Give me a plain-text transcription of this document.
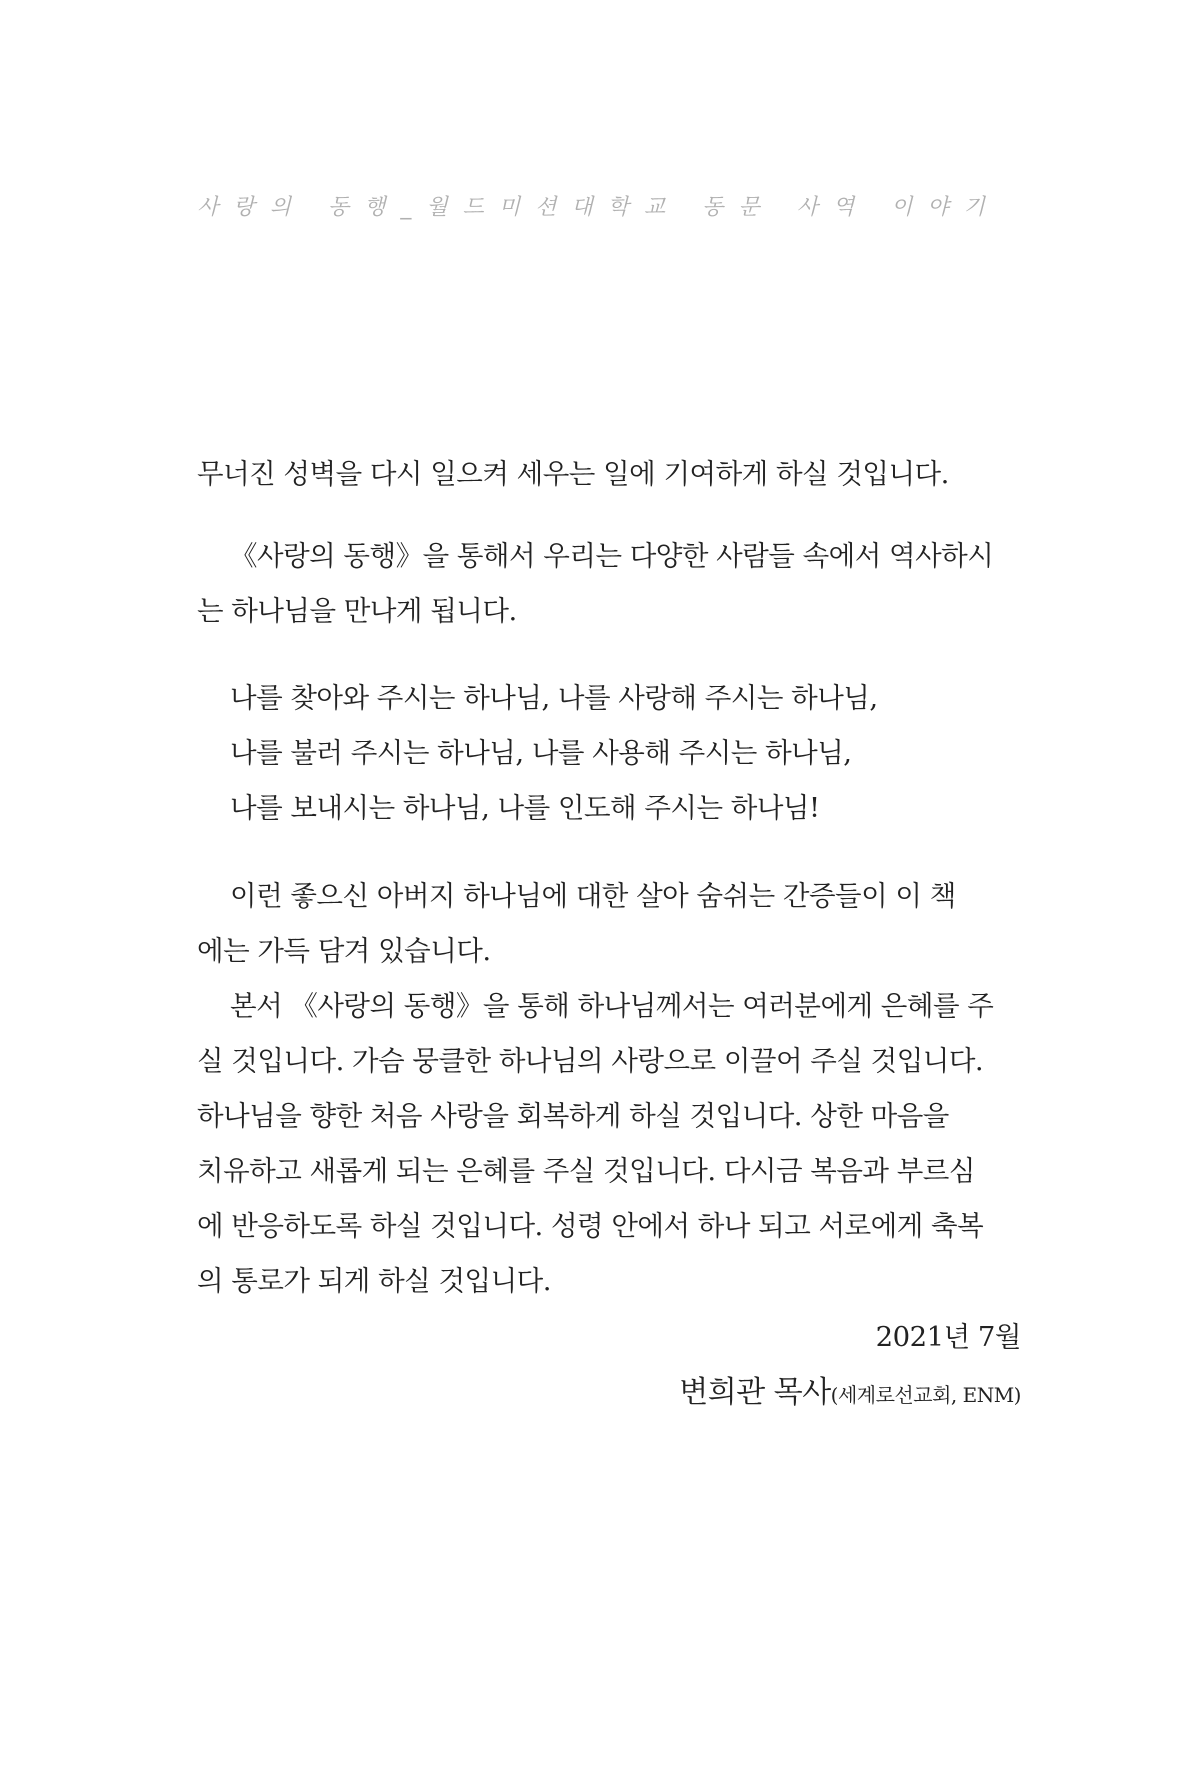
사랑의 동행_월드미션대학교 동문 사역 이야기
무너진 성벽을 다시 일으켜 세우는 일에 기여하게 하실 것입니다.
《사랑의 동행》을 통해서 우리는 다양한 사람들 속에서 역사하시
는 하나님을 만나게 됩니다.
나를 찾아와 주시는 하나님, 나를 사랑해 주시는 하나님,
나를 불러 주시는 하나님, 나를 사용해 주시는 하나님,
나를 보내시는 하나님, 나를 인도해 주시는 하나님!
이런 좋으신 아버지 하나님에 대한 살아 숨쉬는 간증들이 이 책
에는 가득 담겨 있습니다.
본서 《사랑의 동행》을 통해 하나님께서는 여러분에게 은혜를 주
실 것입니다. 가슴 뭉클한 하나님의 사랑으로 이끌어 주실 것입니다.
하나님을 향한 처음 사랑을 회복하게 하실 것입니다. 상한 마음을
치유하고 새롭게 되는 은혜를 주실 것입니다. 다시금 복음과 부르심
에 반응하도록 하실 것입니다. 성령 안에서 하나 되고 서로에게 축복
의 통로가 되게 하실 것입니다.
2021년 7월
변희관 목사(세계로선교회, ENM)
